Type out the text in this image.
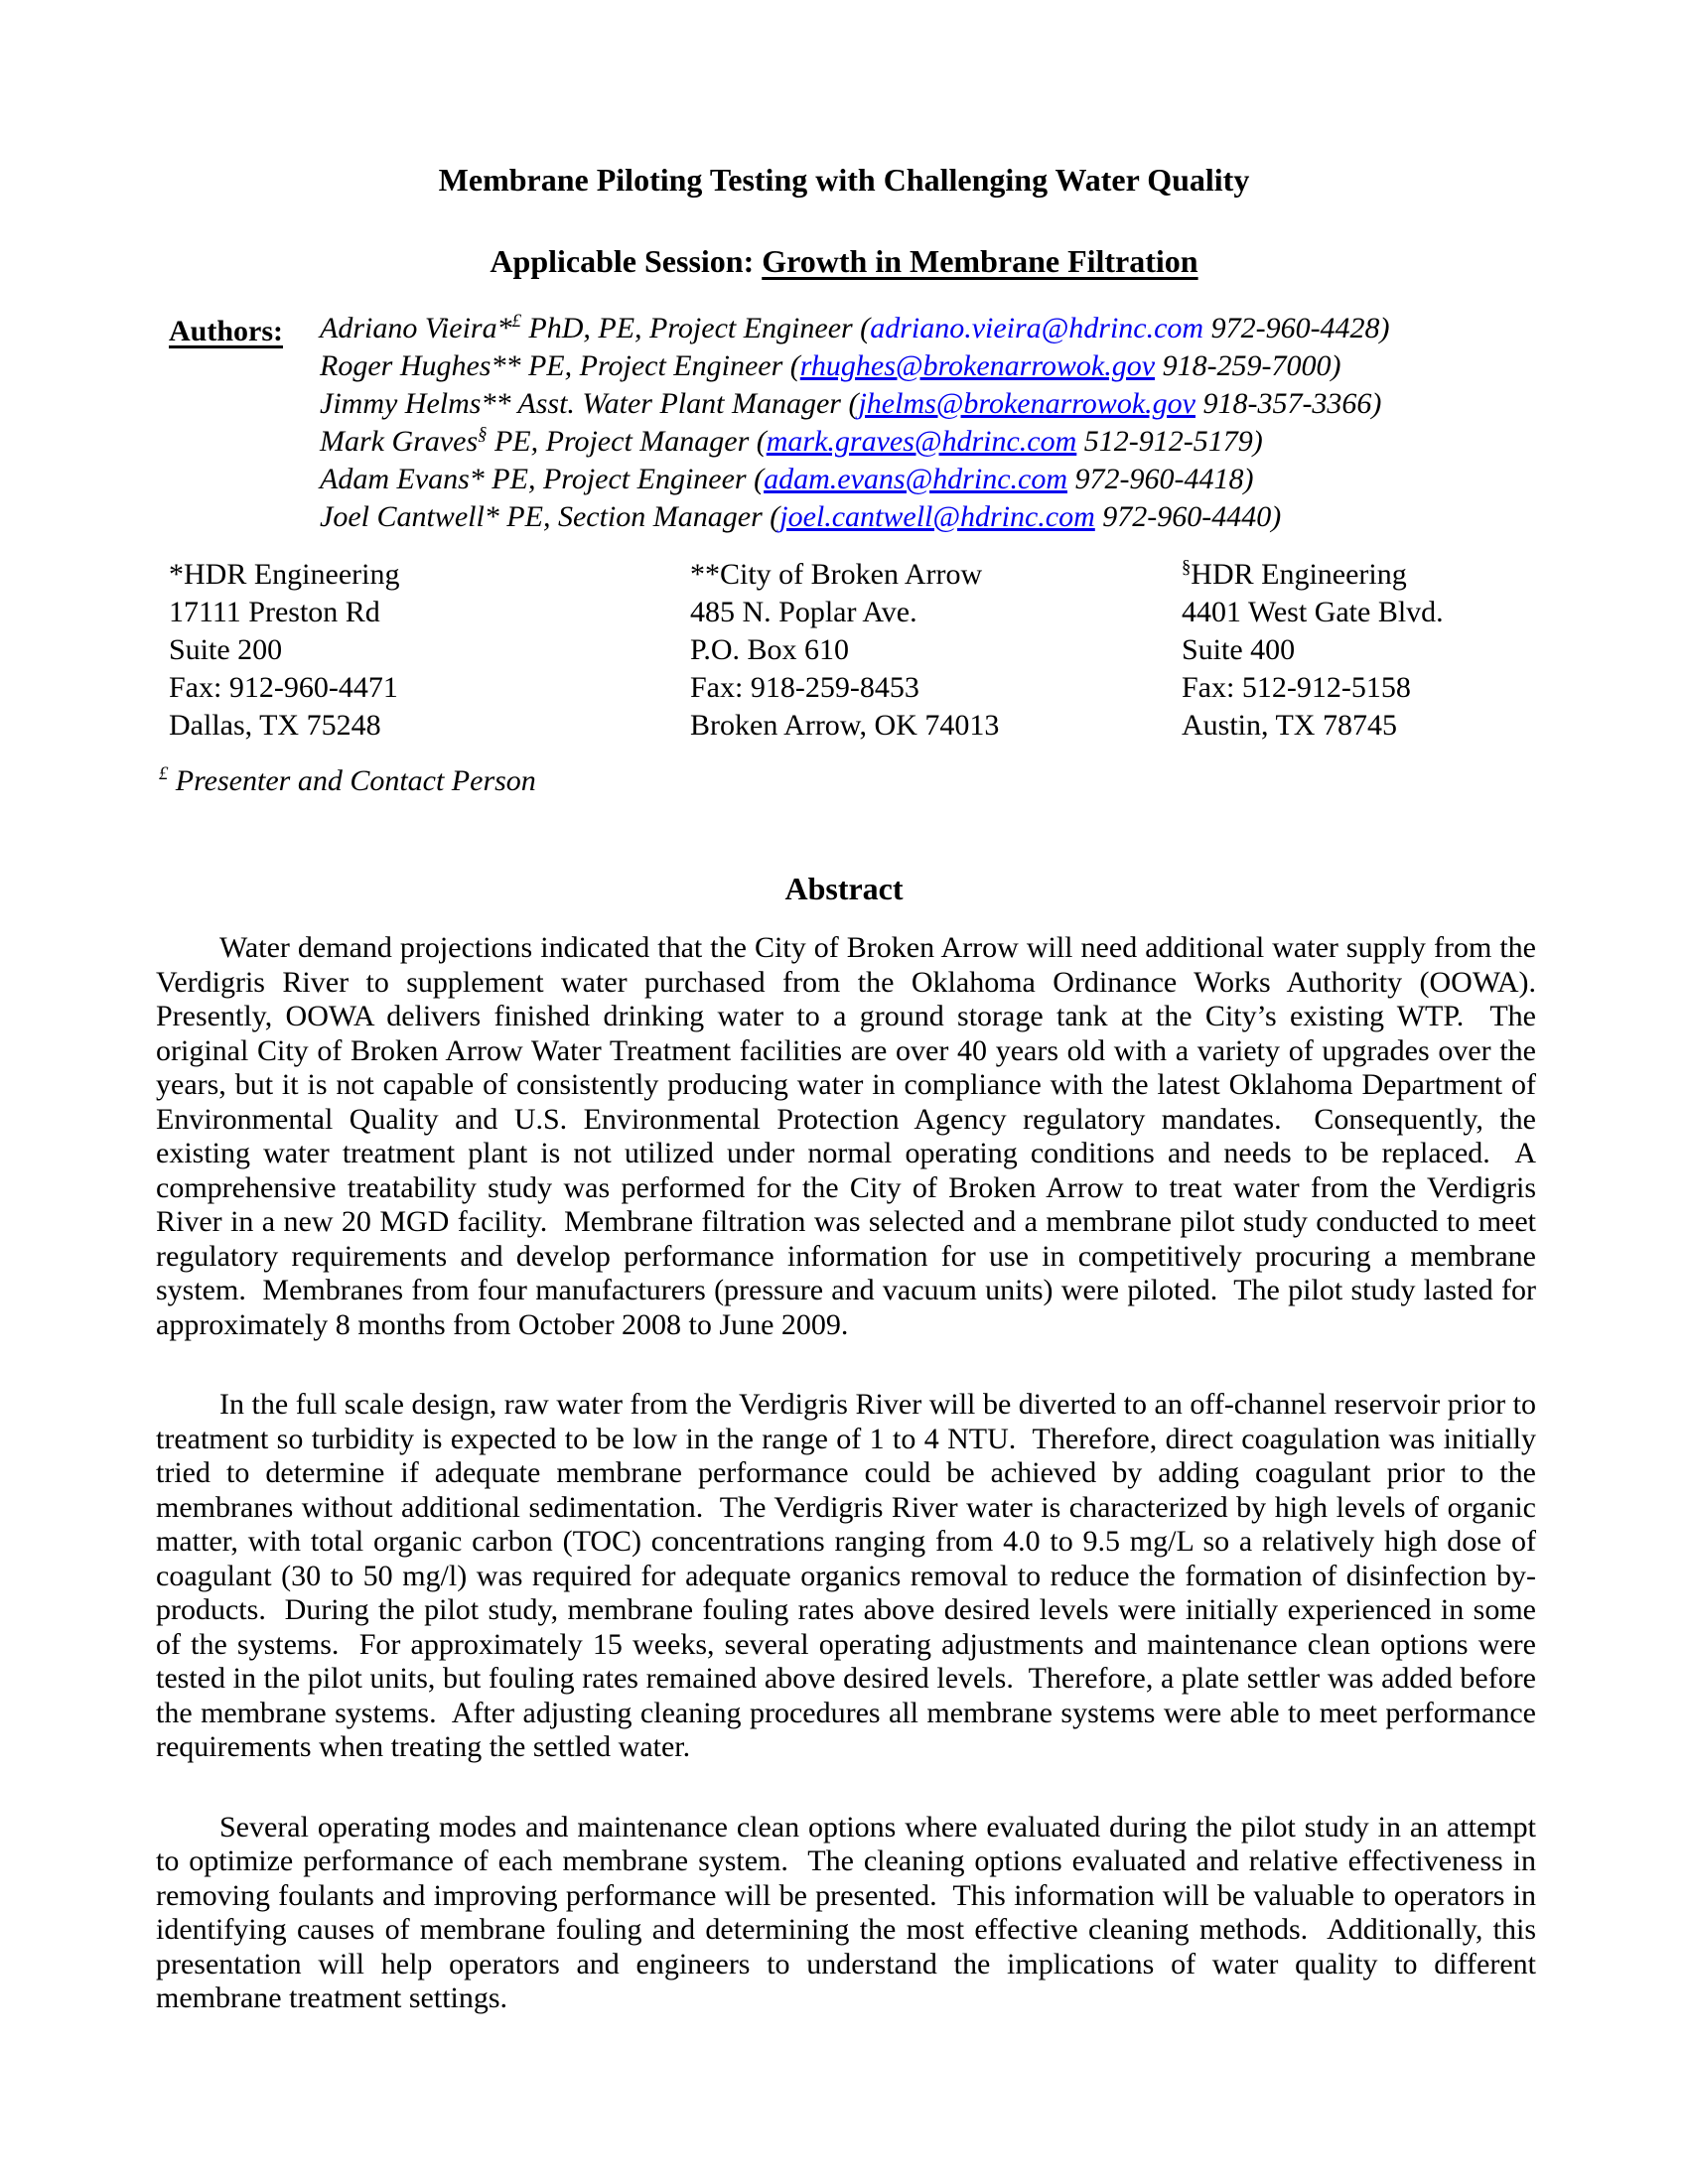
Membrane Piloting Testing with Challenging Water Quality
Applicable Session: Growth in Membrane Filtration
Authors: Adriano Vieira*£ PhD, PE, Project Engineer (adriano.vieira@hdrinc.com 972-960-4428)
Roger Hughes** PE, Project Engineer (rhughes@brokenarrowok.gov 918-259-7000)
Jimmy Helms** Asst. Water Plant Manager (jhelms@brokenarrowok.gov 918-357-3366)
Mark Graves§ PE, Project Manager (mark.graves@hdrinc.com 512-912-5179)
Adam Evans* PE, Project Engineer (adam.evans@hdrinc.com 972-960-4418)
Joel Cantwell* PE, Section Manager (joel.cantwell@hdrinc.com 972-960-4440)
*HDR Engineering
17111 Preston Rd
Suite 200
Fax: 912-960-4471
Dallas, TX 75248
**City of Broken Arrow
485 N. Poplar Ave.
P.O. Box 610
Fax: 918-259-8453
Broken Arrow, OK 74013
§HDR Engineering
4401 West Gate Blvd.
Suite 400
Fax: 512-912-5158
Austin, TX 78745
£ Presenter and Contact Person
Abstract

Water demand projections indicated that the City of Broken Arrow will need additional water supply from the Verdigris River to supplement water purchased from the Oklahoma Ordinance Works Authority (OOWA).  Presently, OOWA delivers finished drinking water to a ground storage tank at the City’s existing WTP.  The original City of Broken Arrow Water Treatment facilities are over 40 years old with a variety of upgrades over the years, but it is not capable of consistently producing water in compliance with the latest Oklahoma Department of Environmental Quality and U.S. Environmental Protection Agency regulatory mandates.  Consequently, the existing water treatment plant is not utilized under normal operating conditions and needs to be replaced.  A comprehensive treatability study was performed for the City of Broken Arrow to treat water from the Verdigris River in a new 20 MGD facility.  Membrane filtration was selected and a membrane pilot study conducted to meet regulatory requirements and develop performance information for use in competitively procuring a membrane system.  Membranes from four manufacturers (pressure and vacuum units) were piloted.  The pilot study lasted for approximately 8 months from October 2008 to June 2009.

In the full scale design, raw water from the Verdigris River will be diverted to an off-channel reservoir prior to treatment so turbidity is expected to be low in the range of 1 to 4 NTU.  Therefore, direct coagulation was initially tried to determine if adequate membrane performance could be achieved by adding coagulant prior to the membranes without additional sedimentation.  The Verdigris River water is characterized by high levels of organic matter, with total organic carbon (TOC) concentrations ranging from 4.0 to 9.5 mg/L so a relatively high dose of coagulant (30 to 50 mg/l) was required for adequate organics removal to reduce the formation of disinfection by-products.  During the pilot study, membrane fouling rates above desired levels were initially experienced in some of the systems.  For approximately 15 weeks, several operating adjustments and maintenance clean options were tested in the pilot units, but fouling rates remained above desired levels.  Therefore, a plate settler was added before the membrane systems.  After adjusting cleaning procedures all membrane systems were able to meet performance requirements when treating the settled water.

Several operating modes and maintenance clean options where evaluated during the pilot study in an attempt to optimize performance of each membrane system.  The cleaning options evaluated and relative effectiveness in removing foulants and improving performance will be presented.  This information will be valuable to operators in identifying causes of membrane fouling and determining the most effective cleaning methods.  Additionally, this presentation will help operators and engineers to understand the implications of water quality to different membrane treatment settings.
